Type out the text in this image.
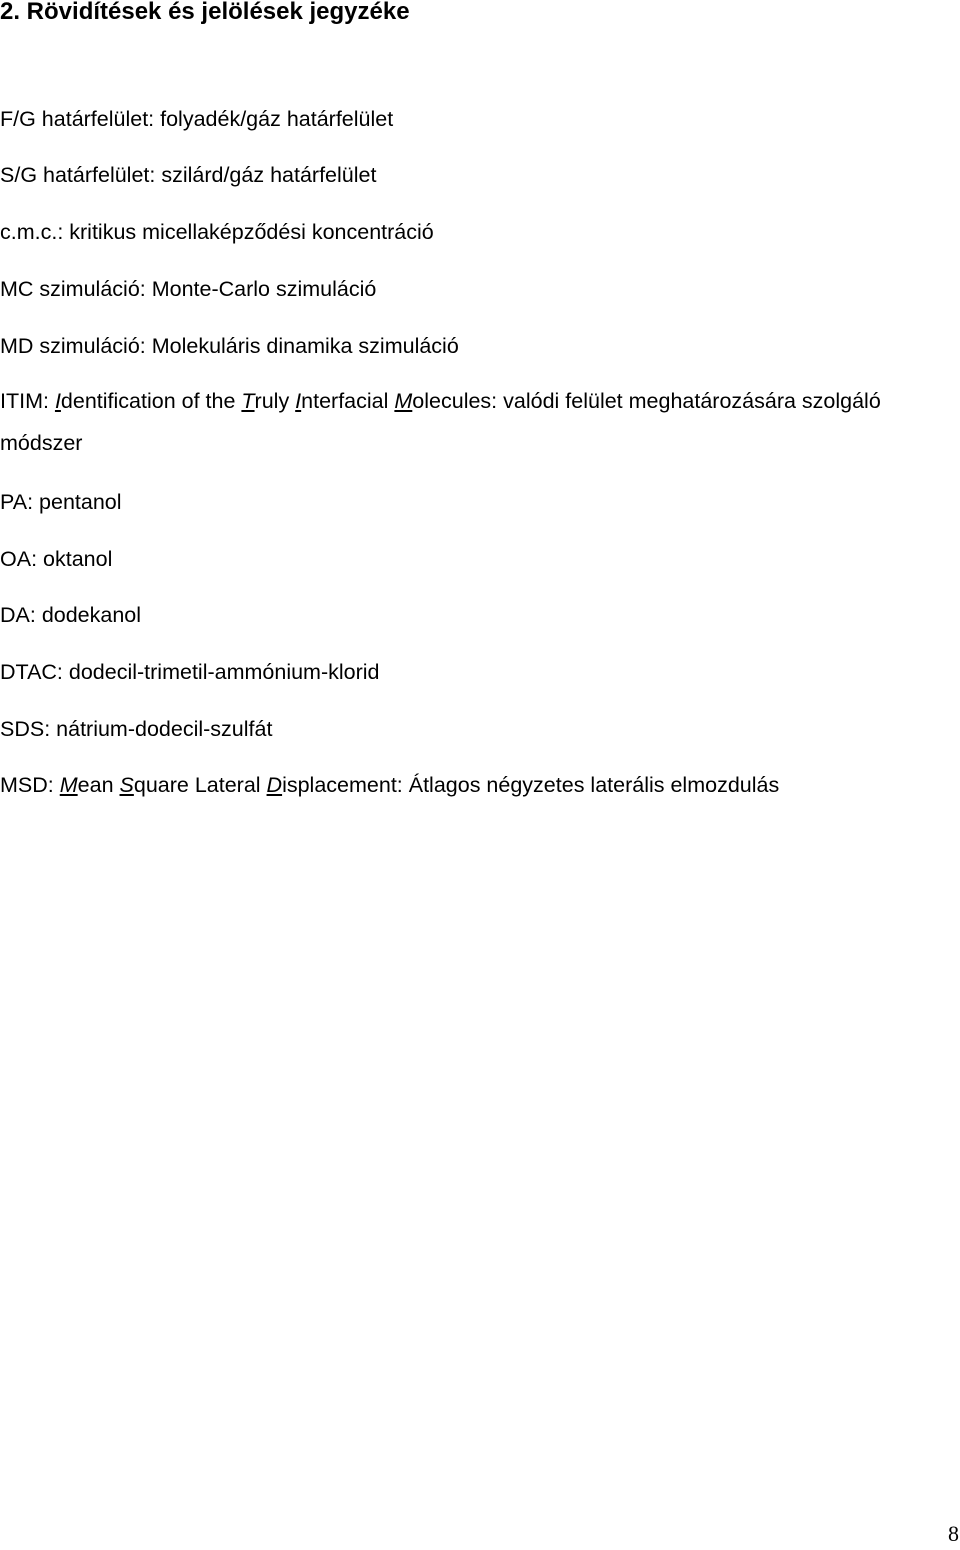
2. Rövidítések és jelölések jegyzéke
F/G határfelület: folyadék/gáz határfelület
S/G határfelület: szilárd/gáz határfelület
c.m.c.: kritikus micellaképződési koncentráció
MC szimuláció: Monte-Carlo szimuláció
MD szimuláció: Molekuláris dinamika szimuláció
ITIM: Identification of the Truly Interfacial Molecules: valódi felület meghatározására szolgáló módszer
PA: pentanol
OA: oktanol
DA: dodekanol
DTAC: dodecil-trimetil-ammónium-klorid
SDS: nátrium-dodecil-szulfát
MSD: Mean Square Lateral Displacement: Átlagos négyzetes laterális elmozdulás
8
